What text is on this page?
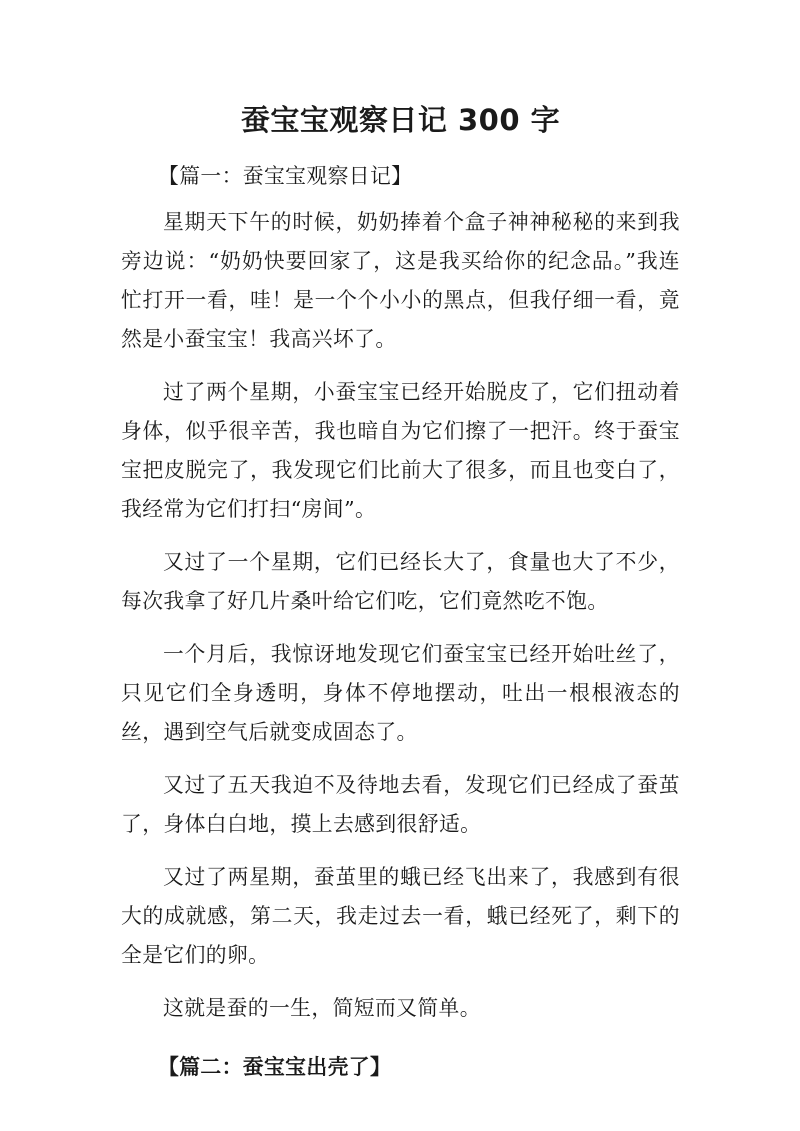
蚕宝宝观察日记 300 字
【篇一：蚕宝宝观察日记】

星期天下午的时候，奶奶捧着个盒子神神秘秘的来到我旁边说：“奶奶快要回家了，这是我买给你的纪念品。”我连忙打开一看，哇！是一个个小小的黑点，但我仔细一看，竟然是小蚕宝宝！我高兴坏了。

过了两个星期，小蚕宝宝已经开始脱皮了，它们扭动着身体，似乎很辛苦，我也暗自为它们擦了一把汗。终于蚕宝宝把皮脱完了，我发现它们比前大了很多，而且也变白了，我经常为它们打扫“房间”。

又过了一个星期，它们已经长大了，食量也大了不少，每次我拿了好几片桑叶给它们吃，它们竟然吃不饱。

一个月后，我惊讶地发现它们蚕宝宝已经开始吐丝了，只见它们全身透明，身体不停地摆动，吐出一根根液态的丝，遇到空气后就变成固态了。

又过了五天我迫不及待地去看，发现它们已经成了蚕茧了，身体白白地，摸上去感到很舒适。

又过了两星期，蚕茧里的蛾已经飞出来了，我感到有很大的成就感，第二天，我走过去一看，蛾已经死了，剩下的全是它们的卵。

这就是蚕的一生，简短而又简单。

【篇二：蚕宝宝出壳了】
